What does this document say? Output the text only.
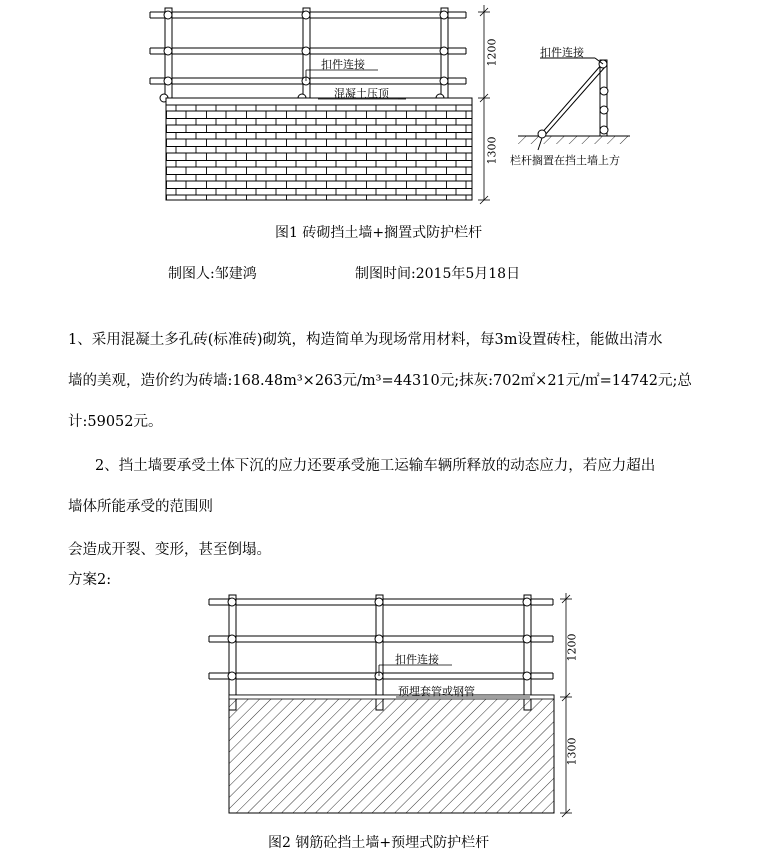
1200
1300
扣件连接
混凝土压顶
扣件连接
栏杆搁置在挡土墙上方
图1 砖砌挡土墙+搁置式防护栏杆
制图人:邹建鸿	制图时间:2015年5月18日
1、采用混凝土多孔砖(标准砖)砌筑，构造简单为现场常用材料，每3m设置砖柱，能做出清水
墙的美观，造价约为砖墙:168.48m³×263元/m³=44310元;抹灰:702㎡×21元/㎡=14742元;总
计:59052元。
2、挡土墙要承受土体下沉的应力还要承受施工运输车辆所释放的动态应力，若应力超出
墙体所能承受的范围则
会造成开裂、变形，甚至倒塌。
方案2:
1200
1300
扣件连接
预埋套管或钢管
图2 钢筋砼挡土墙+预埋式防护栏杆
